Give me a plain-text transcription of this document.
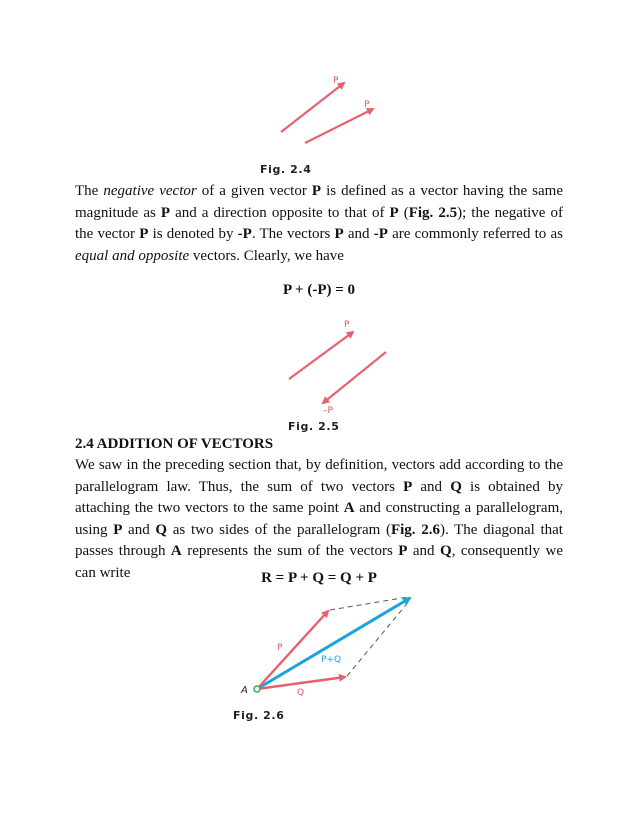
P
P
Fig. 2.4

The negative vector of a given vector P is defined as a vector having the same magnitude as P and a direction opposite to that of P (Fig. 2.5); the negative of the vector P is denoted by -P. The vectors P and -P are commonly referred to as equal and opposite vectors. Clearly, we have

P + (-P) = 0

P
–P
Fig. 2.5
2.4 ADDITION OF VECTORS

We saw in the preceding section that, by definition, vectors add according to the parallelogram law. Thus, the sum of two vectors P and Q is obtained by attaching the two vectors to the same point A and constructing a parallelogram, using P and Q as two sides of the parallelogram (Fig. 2.6). The diagonal that passes through A represents the sum of the vectors P and Q, consequently we can write	R = P + Q = Q + P

P
Q
P+Q
A
Fig. 2.6
